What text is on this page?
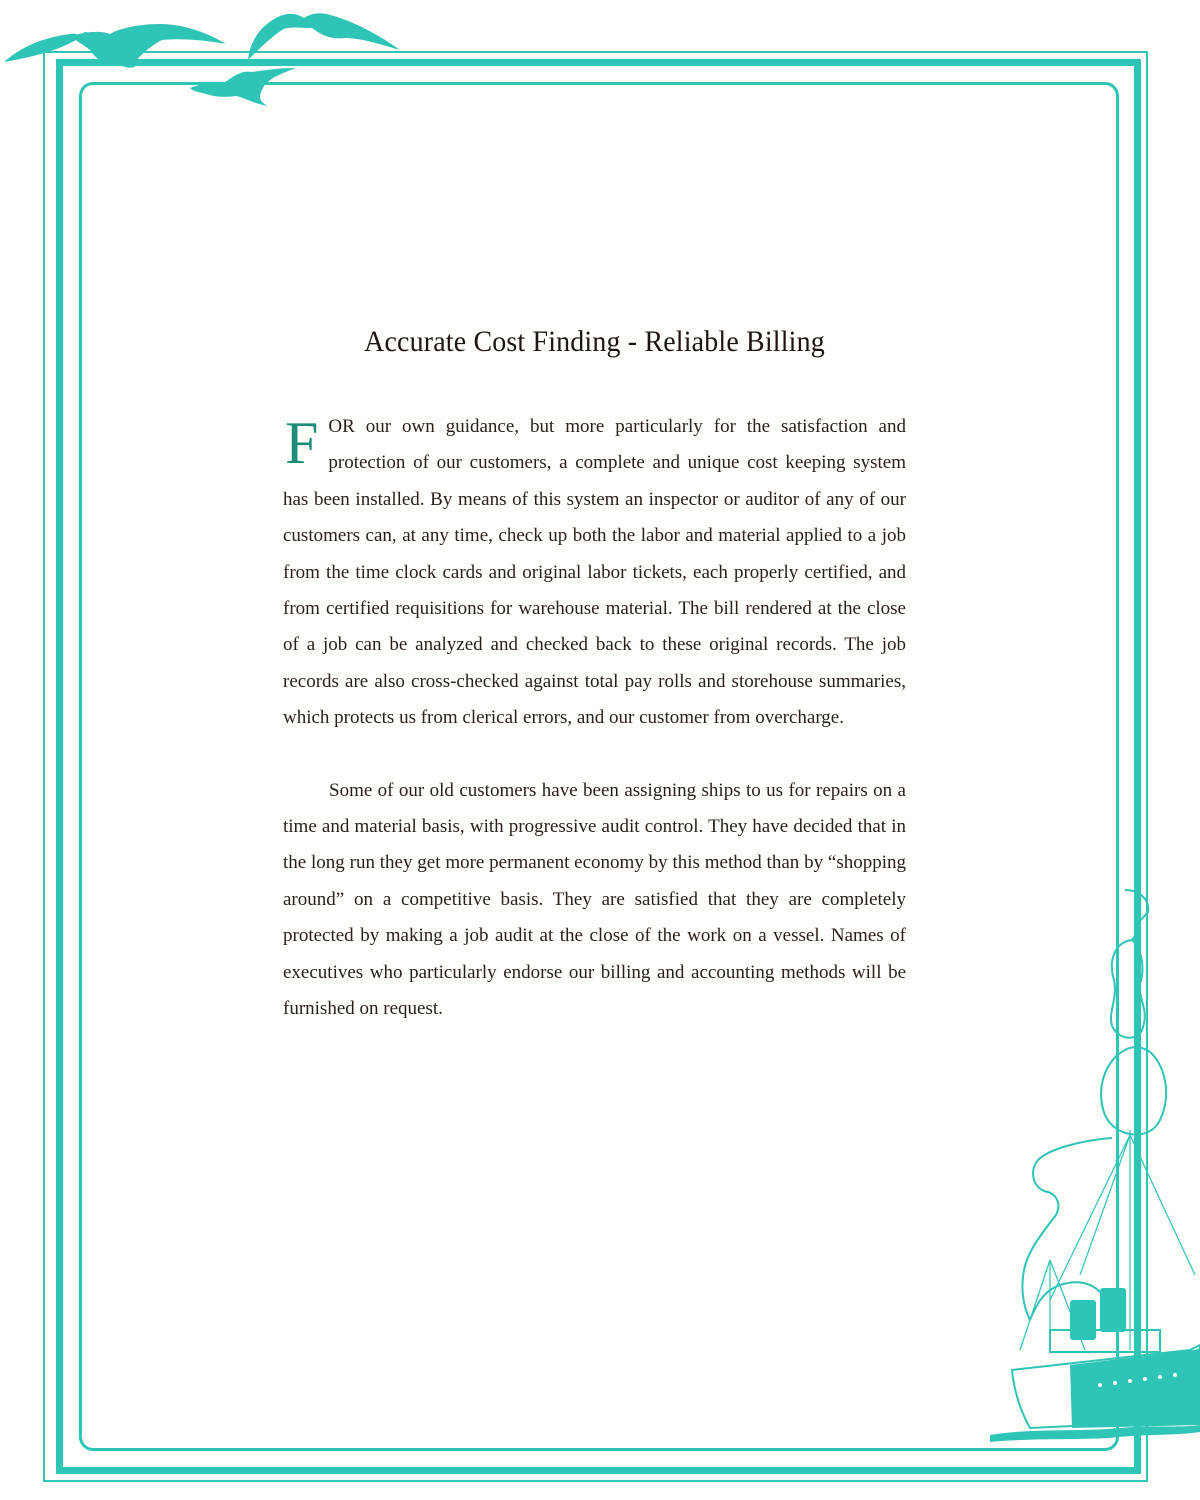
Accurate Cost Finding - Reliable Billing

FOR our own guidance, but more particularly for the satisfaction and protection of our customers, a complete and unique cost keeping system has been installed. By means of this system an inspector or auditor of any of our customers can, at any time, check up both the labor and material applied to a job from the time clock cards and original labor tickets, each properly certified, and from certified requisitions for warehouse material. The bill rendered at the close of a job can be analyzed and checked back to these original records. The job records are also cross-checked against total pay rolls and storehouse summaries, which protects us from clerical errors, and our customer from overcharge.

Some of our old customers have been assigning ships to us for repairs on a time and material basis, with progressive audit control. They have decided that in the long run they get more permanent economy by this method than by “shopping around” on a competitive basis. They are satisfied that they are completely protected by making a job audit at the close of the work on a vessel. Names of executives who particularly endorse our billing and accounting methods will be furnished on request.
